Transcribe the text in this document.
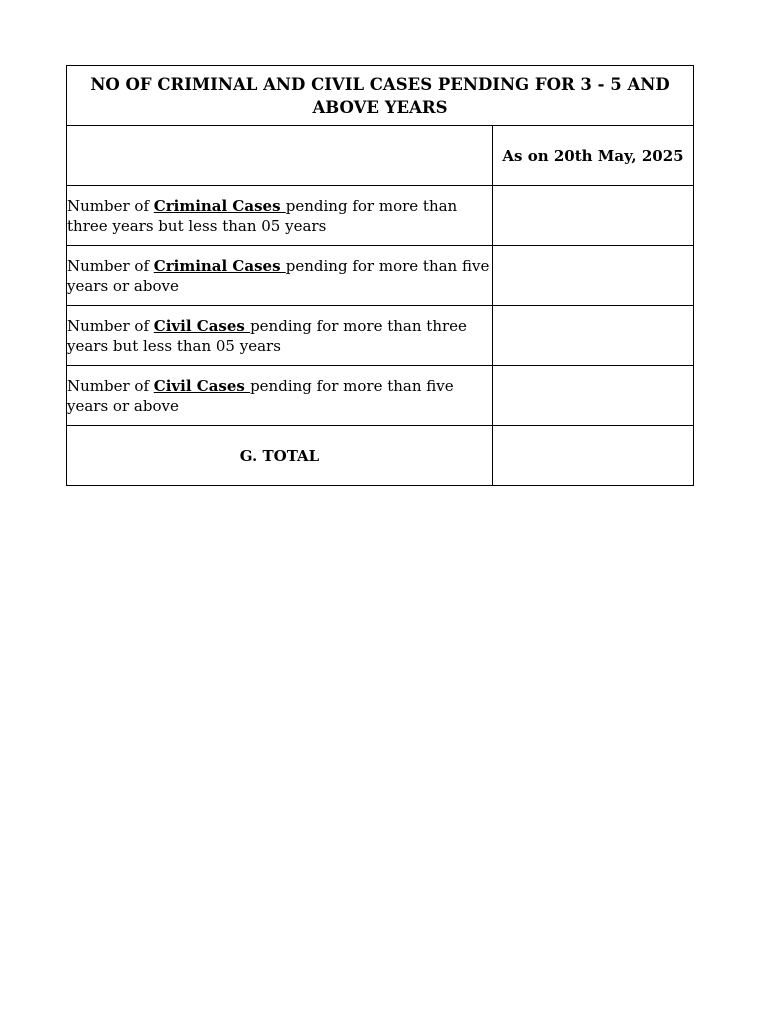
NO OF CRIMINAL AND CIVIL CASES PENDING FOR 3 - 5 AND ABOVE YEARS	
	As on 20th May, 2025
Number of Criminal Cases pending for more than three years but less than 05 years	
Number of Criminal Cases pending for more than five years or above	
Number of Civil Cases pending for more than three years but less than 05 years	
Number of Civil Cases pending for more than five years or above	
G. TOTAL	
